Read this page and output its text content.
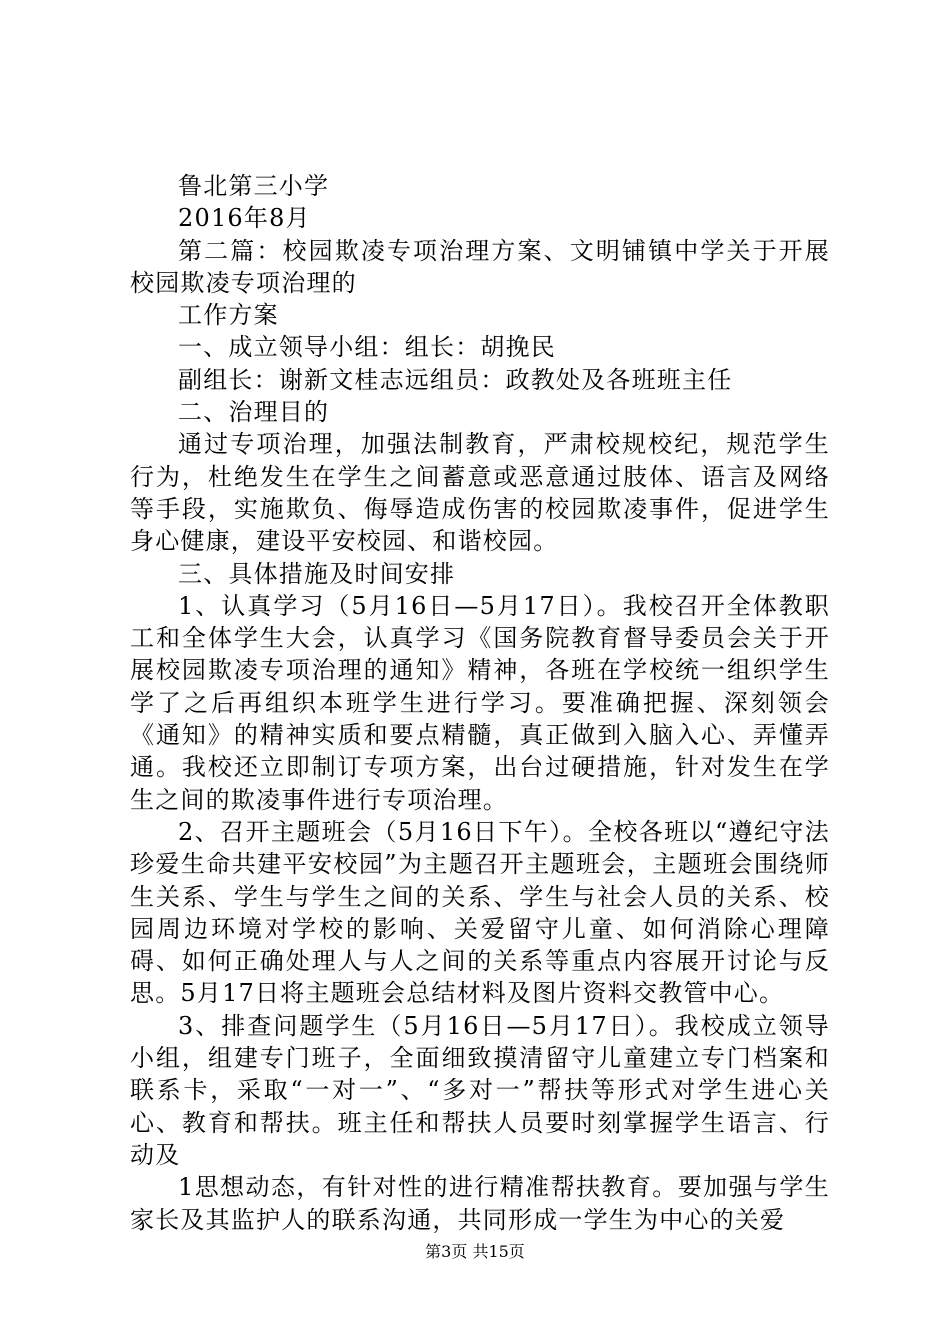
鲁北第三小学

2016年8月

第二篇：校园欺凌专项治理方案、文明铺镇中学关于开展校园欺凌专项治理的

工作方案

一、成立领导小组：组长：胡挽民

副组长：谢新文桂志远组员：政教处及各班班主任

二、治理目的

通过专项治理，加强法制教育，严肃校规校纪，规范学生行为，杜绝发生在学生之间蓄意或恶意通过肢体、语言及网络等手段，实施欺负、侮辱造成伤害的校园欺凌事件，促进学生身心健康，建设平安校园、和谐校园。

三、具体措施及时间安排

1、认真学习（5月16日—5月17日）。我校召开全体教职工和全体学生大会，认真学习《国务院教育督导委员会关于开展校园欺凌专项治理的通知》精神，各班在学校统一组织学生学了之后再组织本班学生进行学习。要准确把握、深刻领会《通知》的精神实质和要点精髓，真正做到入脑入心、弄懂弄通。我校还立即制订专项方案，出台过硬措施，针对发生在学生之间的欺凌事件进行专项治理。

2、召开主题班会（5月16日下午）。全校各班以“遵纪守法珍爱生命共建平安校园”为主题召开主题班会，主题班会围绕师生关系、学生与学生之间的关系、学生与社会人员的关系、校园周边环境对学校的影响、关爱留守儿童、如何消除心理障碍、如何正确处理人与人之间的关系等重点内容展开讨论与反思。5月17日将主题班会总结材料及图片资料交教管中心。

3、排查问题学生（5月16日—5月17日）。我校成立领导小组，组建专门班子，全面细致摸清留守儿童建立专门档案和联系卡，采取“一对一”、“多对一”帮扶等形式对学生进心关心、教育和帮扶。班主任和帮扶人员要时刻掌握学生语言、行动及

1思想动态，有针对性的进行精准帮扶教育。要加强与学生家长及其监护人的联系沟通，共同形成一学生为中心的关爱

第3页 共15页
